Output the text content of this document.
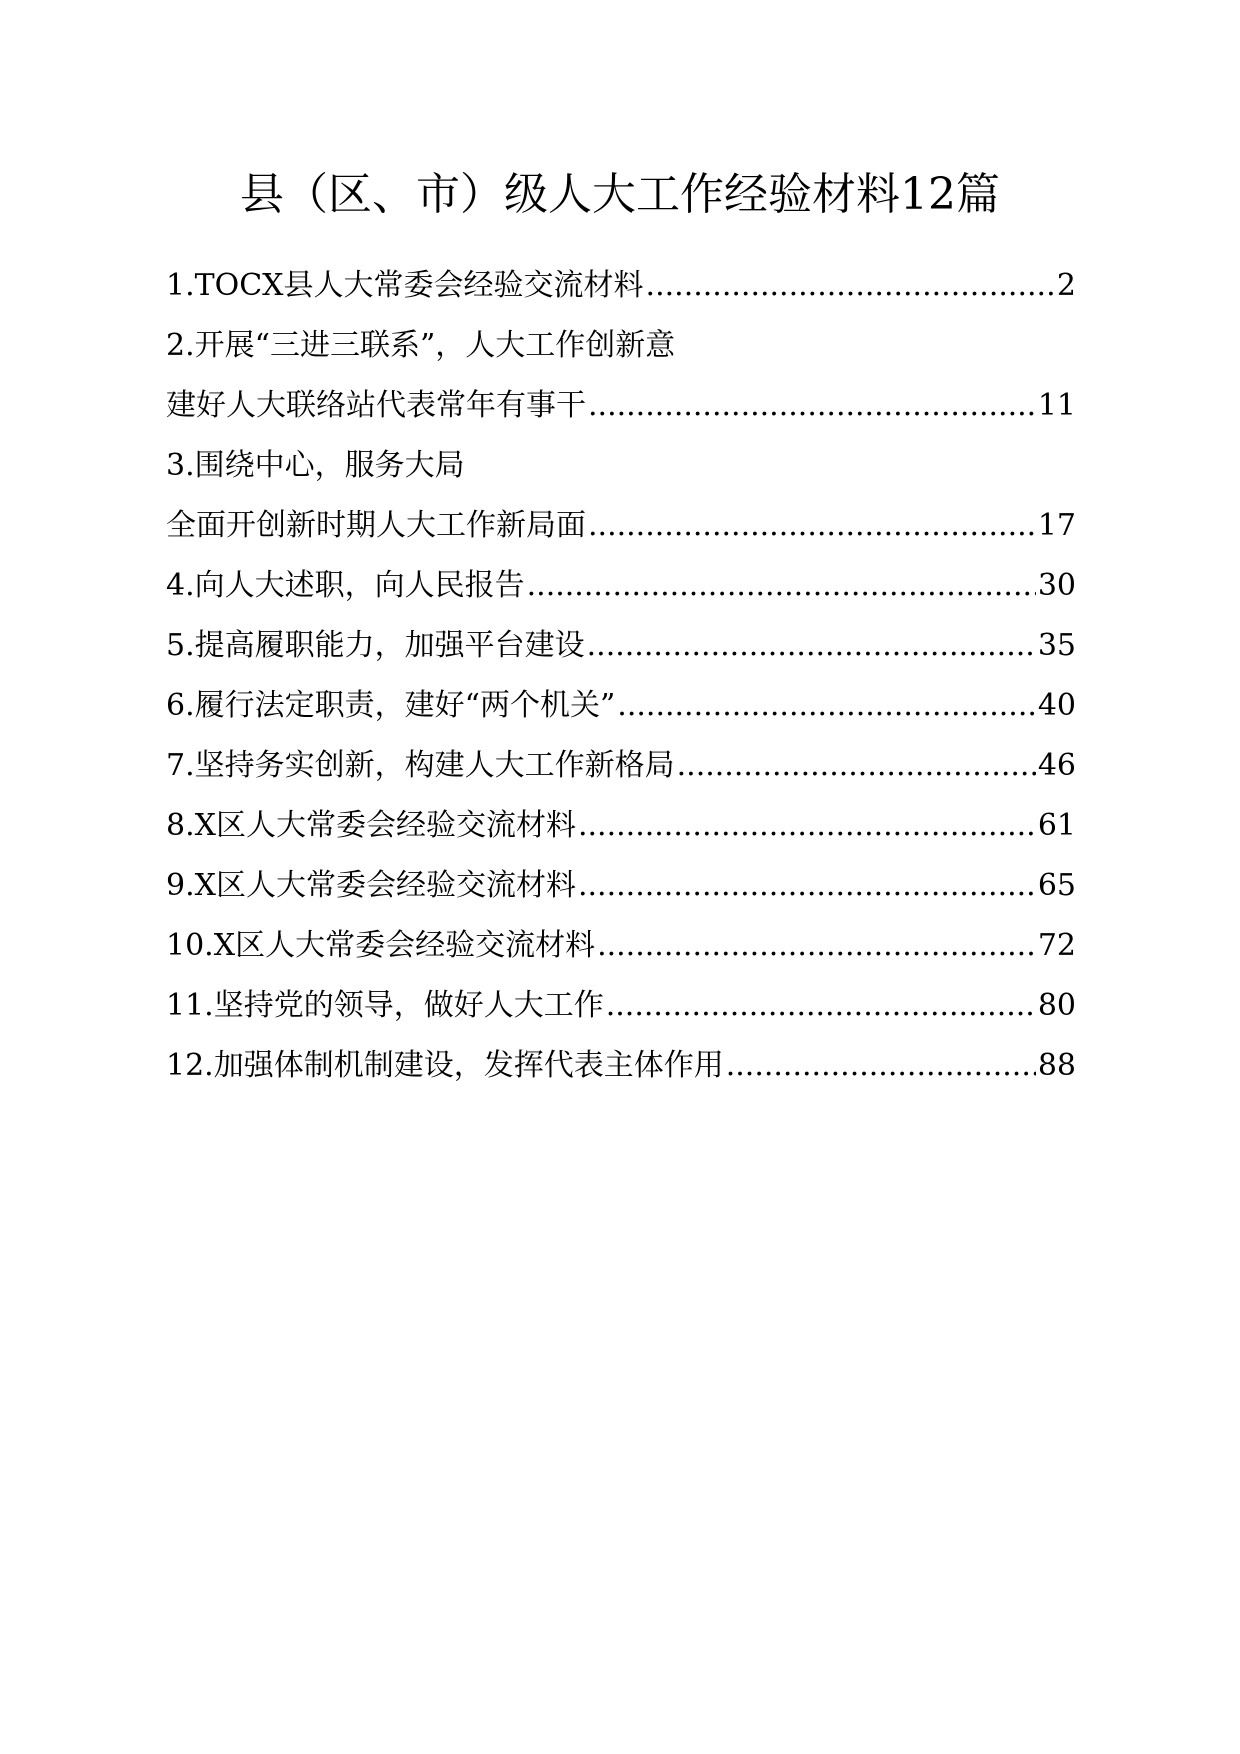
县（区、市）级人大工作经验材料12篇
1.TOCX县人大常委会经验交流材料 .....	2
2.开展“三进三联系”，人大工作创新意
建好人大联络站代表常年有事干 .....	11
3.围绕中心，服务大局
全面开创新时期人大工作新局面 .....	17
4.向人大述职，向人民报告 .....	30
5.提高履职能力，加强平台建设 .....	35
6.履行法定职责，建好“两个机关” .....	40
7.坚持务实创新，构建人大工作新格局 .....	46
8.X区人大常委会经验交流材料 .....	61
9.X区人大常委会经验交流材料 .....	65
10.X区人大常委会经验交流材料 .....	72
11.坚持党的领导，做好人大工作 .....	80
12.加强体制机制建设，发挥代表主体作用 .....	88
